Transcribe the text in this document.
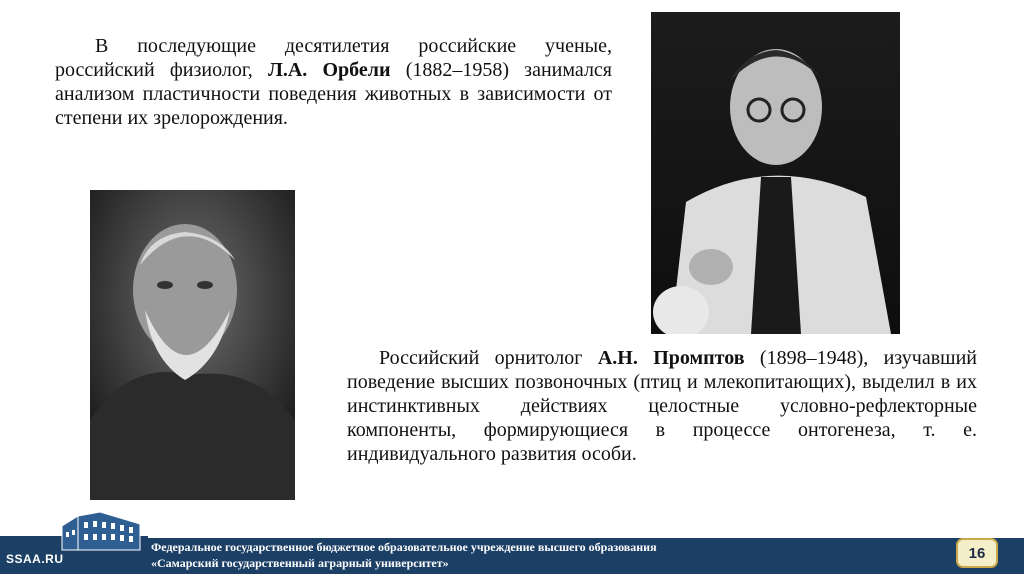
В последующие десятилетия российские ученые, российский физиолог, Л.А. Орбели (1882–1958) занимался анализом пластичности поведения животных в зависимости от степени их зрелорождения.

Российский орнитолог А.Н. Промптов (1898–1948), изучавший поведение высших позвоночных (птиц и млекопитающих), выделил в их инстинктивных действиях целостные условно-рефлекторные компоненты, формирующиеся в процессе онтогенеза, т. е. индивидуального развития особи.

SSAA.RU
Федеральное государственное бюджетное образовательное учреждение высшего образования
«Самарский государственный аграрный университет»
16
